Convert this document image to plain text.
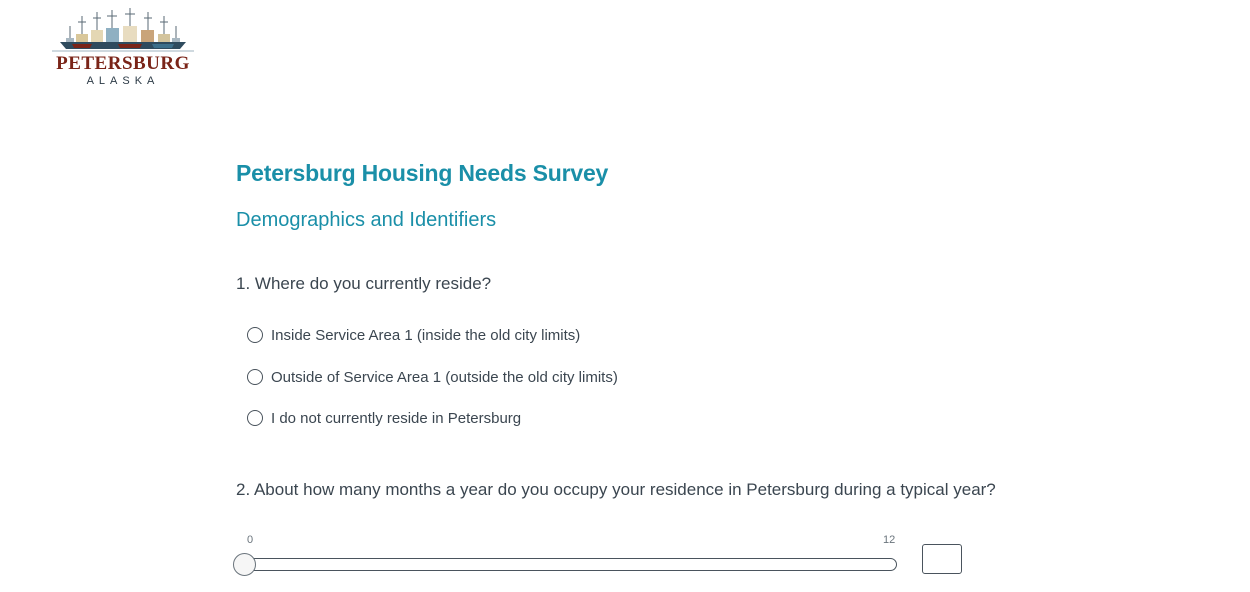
PETERSBURG
ALASKA
Petersburg Housing Needs Survey
Demographics and Identifiers
1. Where do you currently reside?
Inside Service Area 1 (inside the old city limits)
Outside of Service Area 1 (outside the old city limits)
I do not currently reside in Petersburg
2. About how many months a year do you occupy your residence in Petersburg during a typical year?
0	12
